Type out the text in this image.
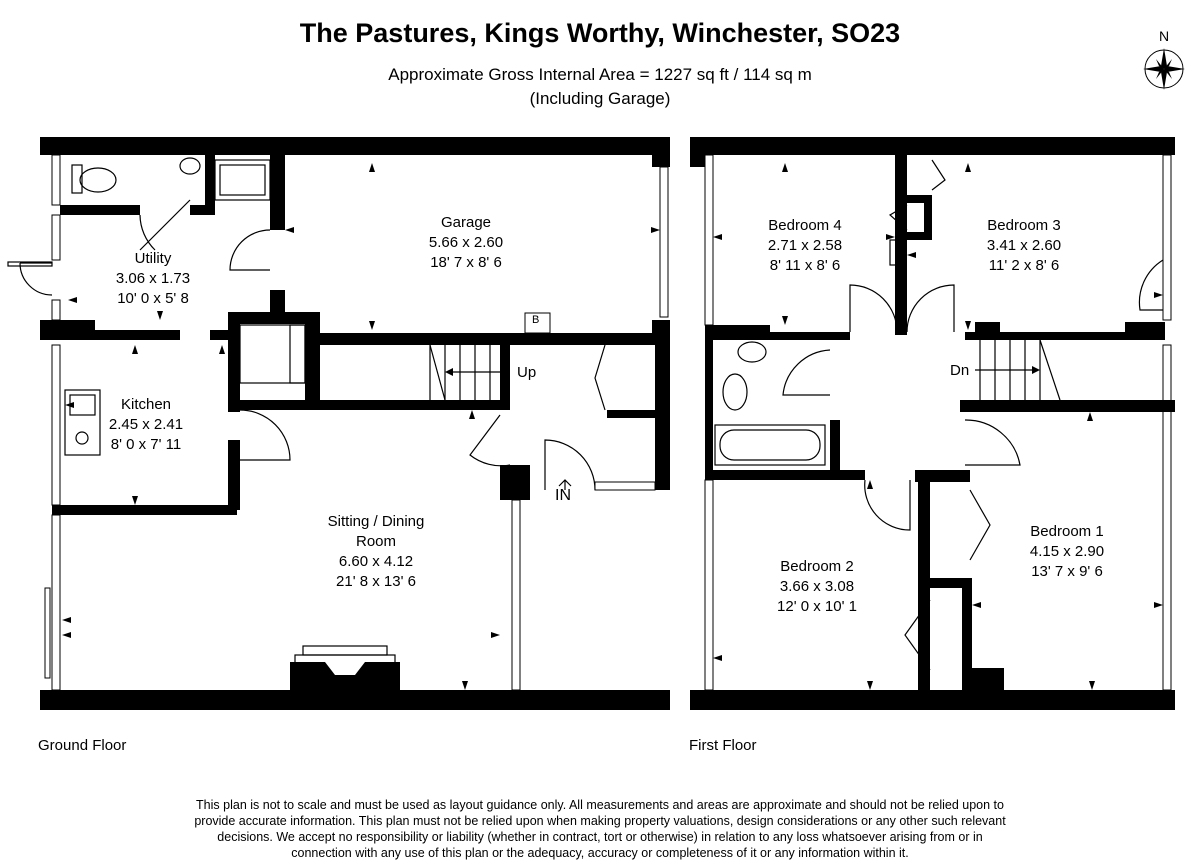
The Pastures, Kings Worthy, Winchester, SO23
Approximate Gross Internal Area = 1227 sq ft / 114 sq m
(Including Garage)
N
Utility
3.06 x 1.73
10' 0 x 5' 8
Garage
5.66 x 2.60
18' 7 x 8' 6
Kitchen
2.45 x 2.41
8' 0 x 7' 11
Sitting / Dining
Room
6.60 x 4.12
21' 8 x 13' 6
Up
IN
B
Bedroom 4
2.71 x 2.58
8' 11 x 8' 6
Bedroom 3
3.41 x 2.60
11' 2 x 8' 6
Bedroom 2
3.66 x 3.08
12' 0 x 10' 1
Bedroom 1
4.15 x 2.90
13' 7 x 9' 6
Dn
Ground Floor	First Floor
This plan is not to scale and must be used as layout guidance only. All measurements and areas are approximate and should not be relied upon to
provide accurate information. This plan must not be relied upon when making property valuations, design considerations or any other such relevant
decisions. We accept no responsibility or liability (whether in contract, tort or otherwise) in relation to any loss whatsoever arising from or in
connection with any use of this plan or the adequacy, accuracy or completeness of it or any information within it.
